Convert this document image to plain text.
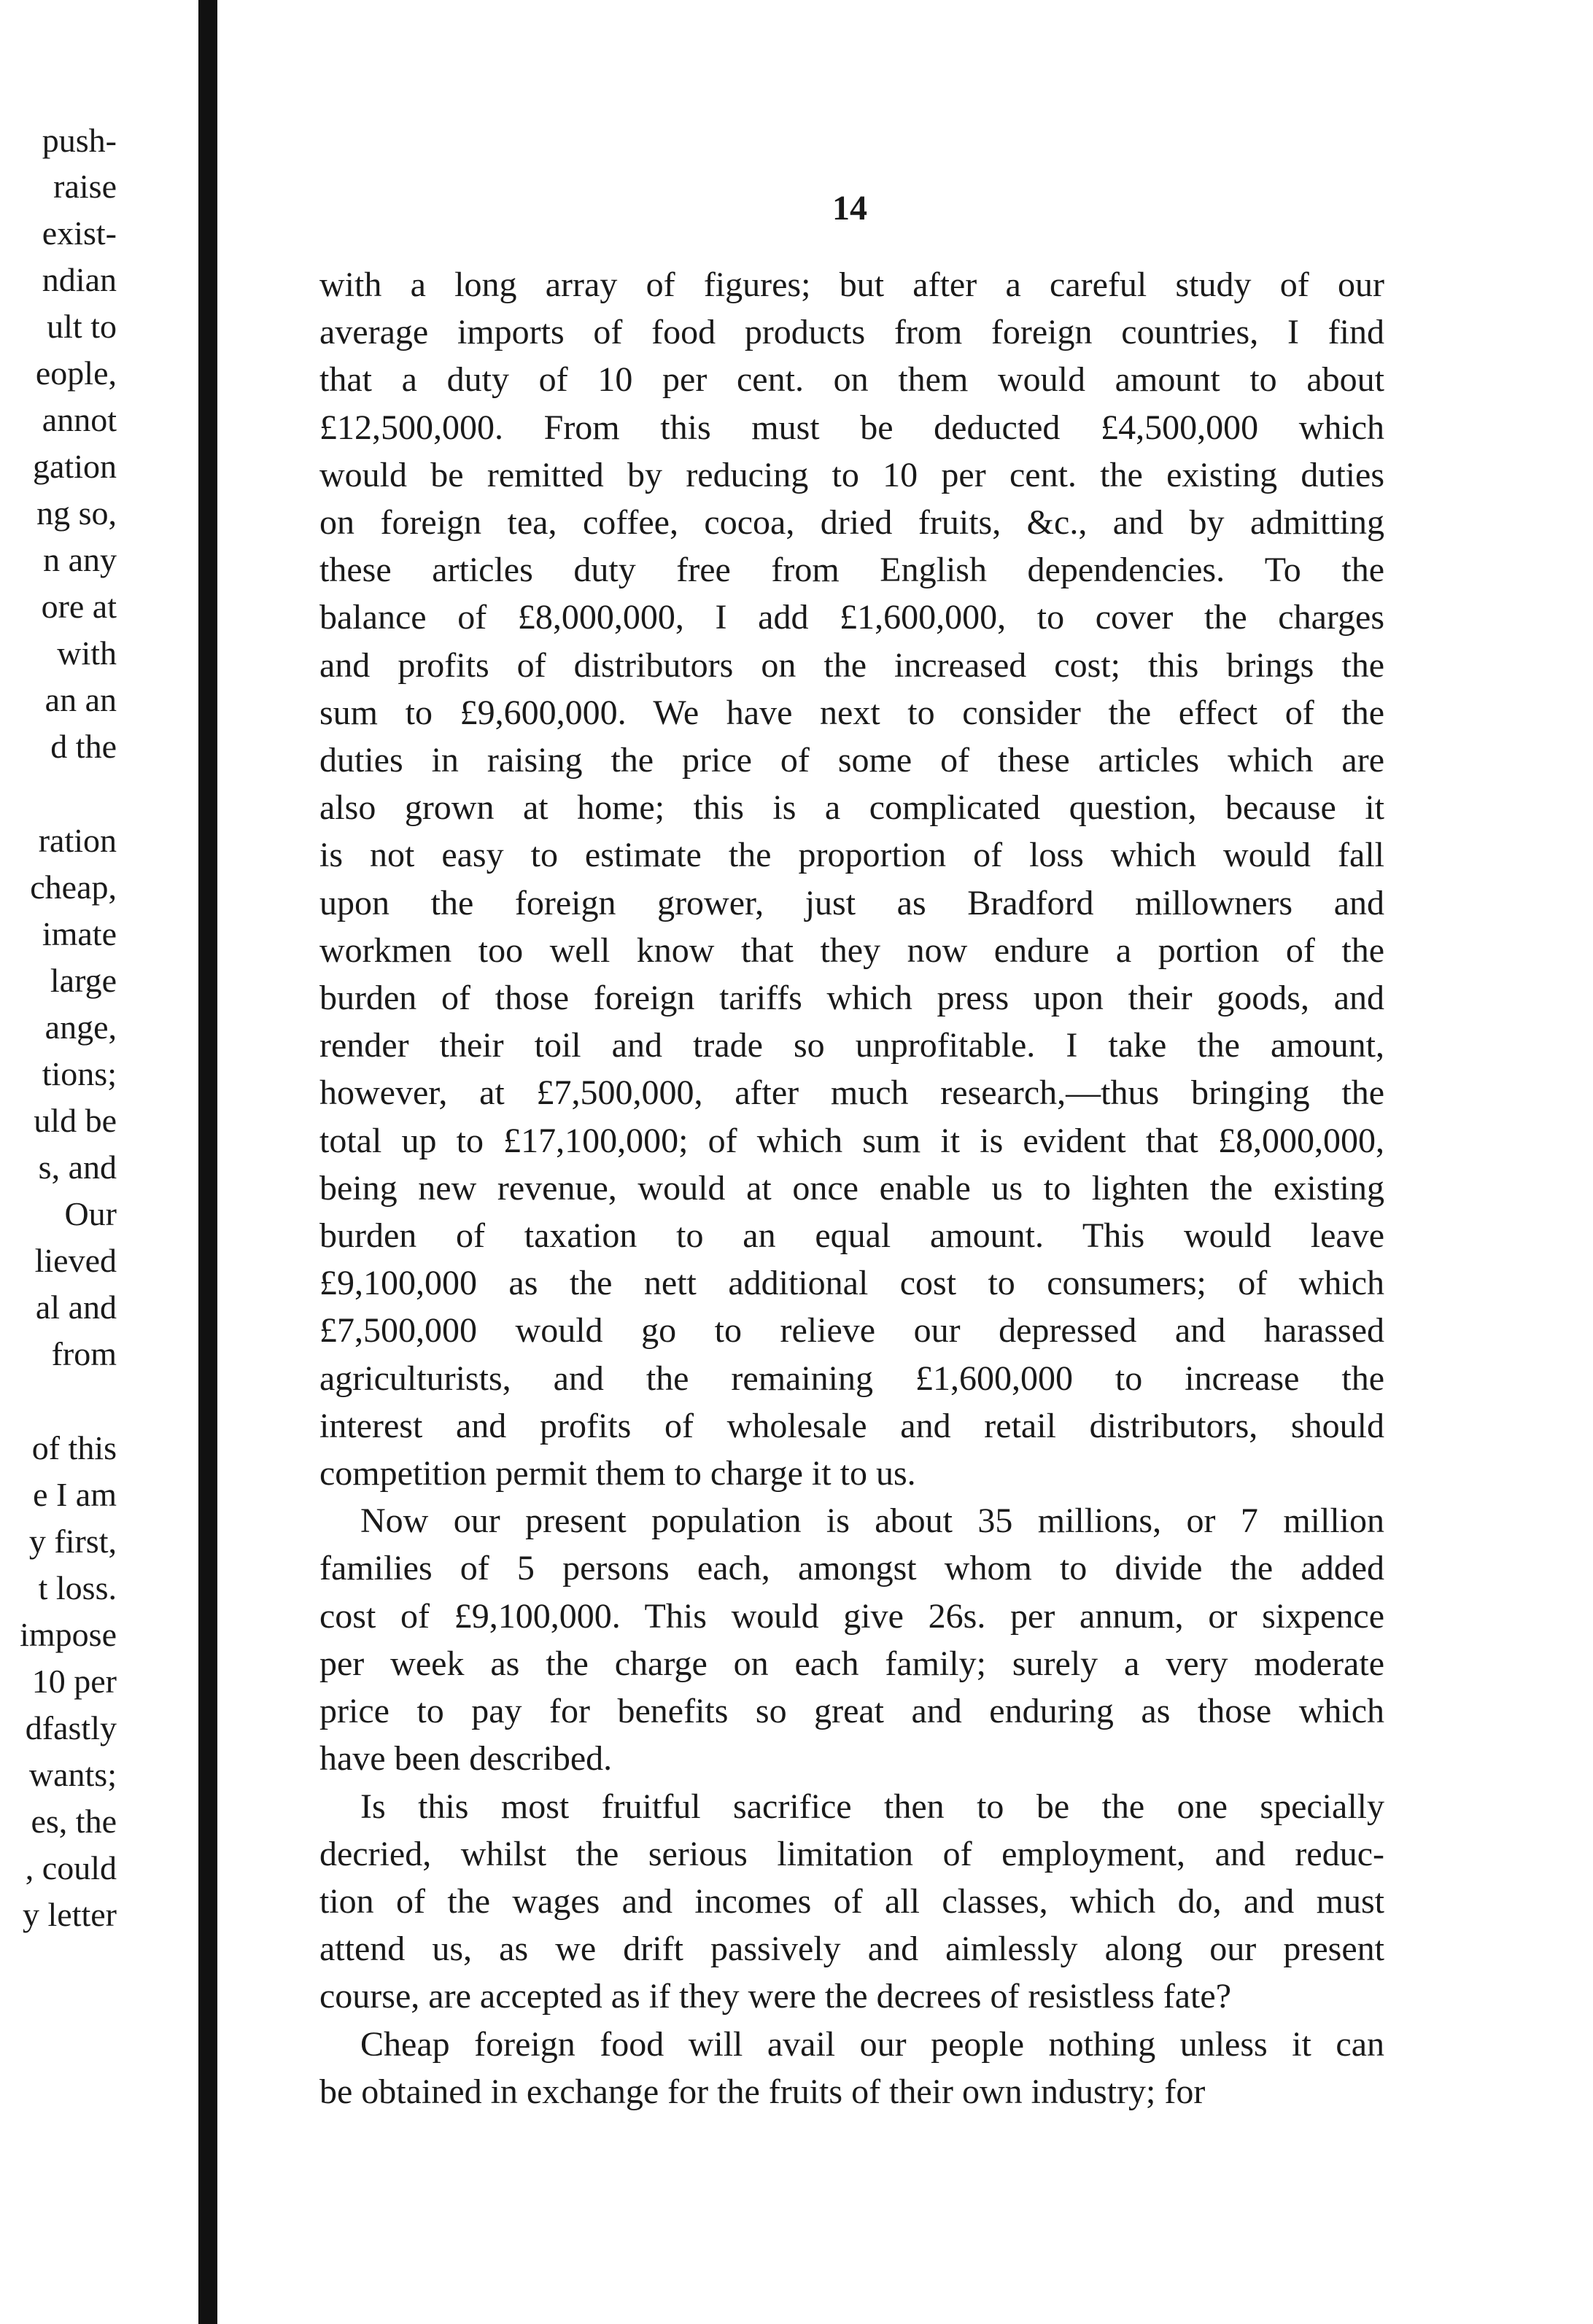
push-
raise
exist-
ndian
ult to
eople,
annot
gation
ng so,
n any
ore at
with
an an
d the
ration
cheap,
imate
large
ange,
tions;
uld be
s, and
Our
lieved
al and
from
of this
e I am
y first,
t loss.
impose
10 per
dfastly
wants;
es, the
, could
y letter
14
with a long array of figures; but after a careful study of our
average imports of food products from foreign countries, I find
that a duty of 10 per cent. on them would amount to about
£12,500,000. From this must be deducted £4,500,000 which
would be remitted by reducing to 10 per cent. the existing duties
on foreign tea, coffee, cocoa, dried fruits, &c., and by admitting
these articles duty free from English dependencies. To the
balance of £8,000,000, I add £1,600,000, to cover the charges
and profits of distributors on the increased cost; this brings the
sum to £9,600,000. We have next to consider the effect of the
duties in raising the price of some of these articles which are
also grown at home; this is a complicated question, because it
is not easy to estimate the proportion of loss which would fall
upon the foreign grower, just as Bradford millowners and
workmen too well know that they now endure a portion of the
burden of those foreign tariffs which press upon their goods, and
render their toil and trade so unprofitable. I take the amount,
however, at £7,500,000, after much research,—thus bringing the
total up to £17,100,000; of which sum it is evident that £8,000,000,
being new revenue, would at once enable us to lighten the existing
burden of taxation to an equal amount. This would leave
£9,100,000 as the nett additional cost to consumers; of which
£7,500,000 would go to relieve our depressed and harassed
agriculturists, and the remaining £1,600,000 to increase the
interest and profits of wholesale and retail distributors, should
competition permit them to charge it to us.
Now our present population is about 35 millions, or 7 million
families of 5 persons each, amongst whom to divide the added
cost of £9,100,000. This would give 26s. per annum, or sixpence
per week as the charge on each family; surely a very moderate
price to pay for benefits so great and enduring as those which
have been described.
Is this most fruitful sacrifice then to be the one specially
decried, whilst the serious limitation of employment, and reduc-
tion of the wages and incomes of all classes, which do, and must
attend us, as we drift passively and aimlessly along our present
course, are accepted as if they were the decrees of resistless fate?
Cheap foreign food will avail our people nothing unless it can
be obtained in exchange for the fruits of their own industry; for
